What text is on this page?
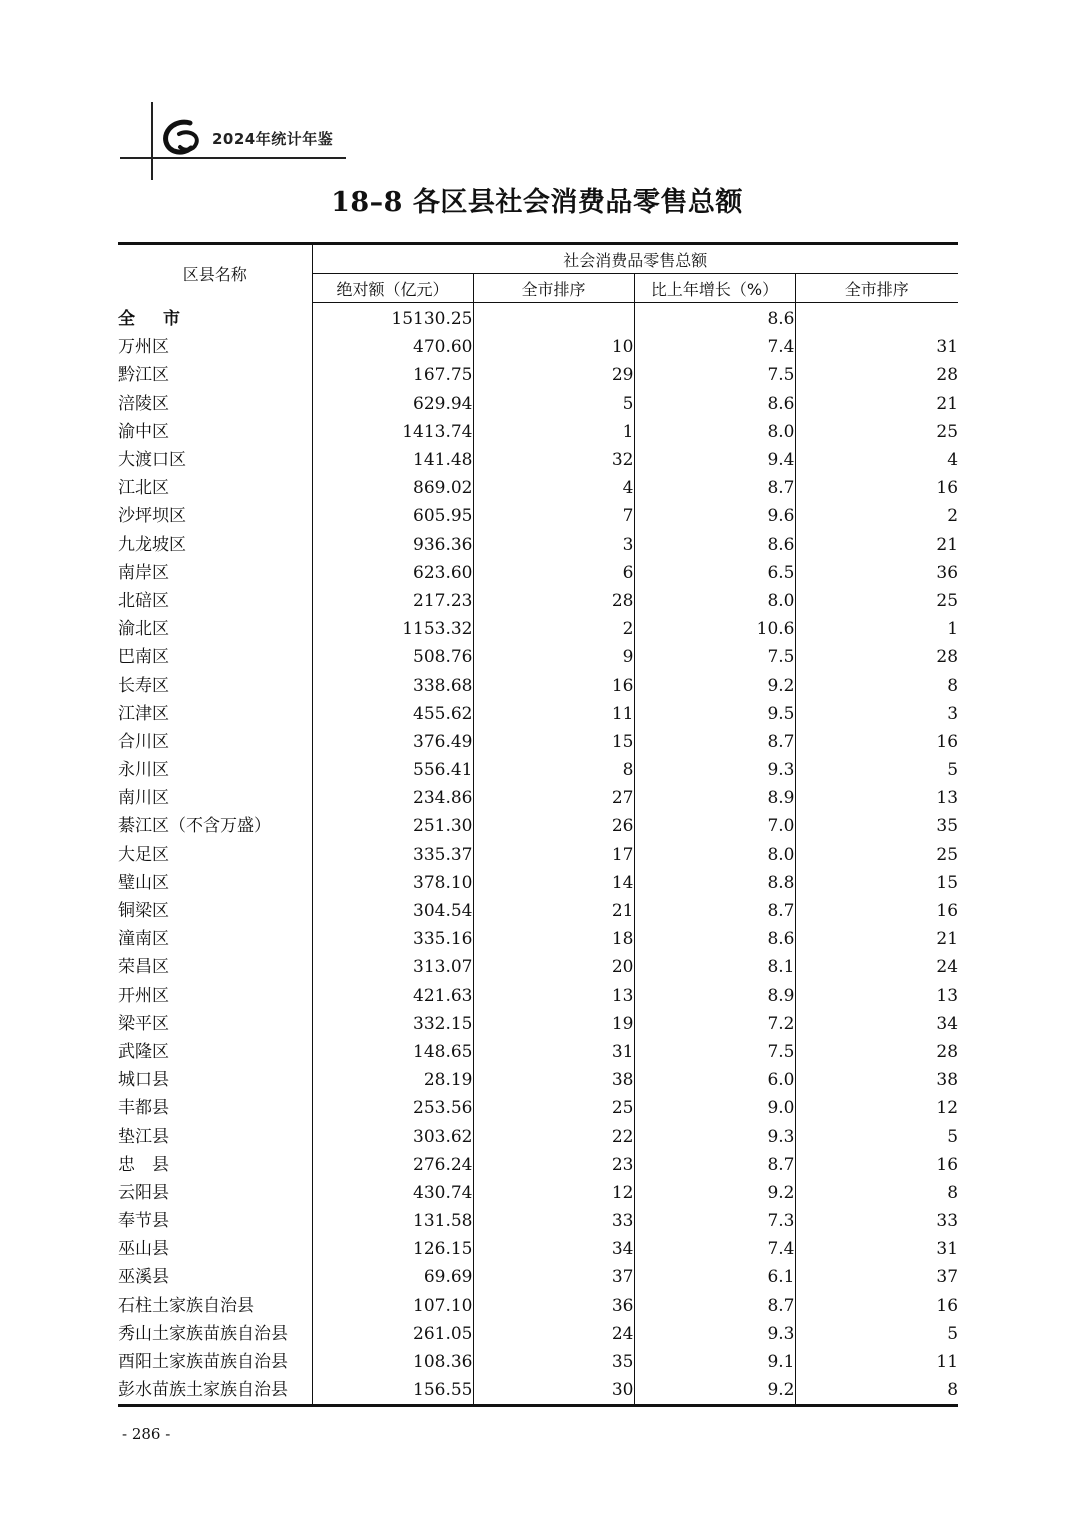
2024年统计年鉴
18–8 各区县社会消费品零售总额
区县名称	社会消费品零售总额			
	绝对额（亿元）	全市排序	比上年增长（%）	全市排序
全市	15130.25		8.6	
万州区	470.60	10	7.4	31
黔江区	167.75	29	7.5	28
涪陵区	629.94	5	8.6	21
渝中区	1413.74	1	8.0	25
大渡口区	141.48	32	9.4	4
江北区	869.02	4	8.7	16
沙坪坝区	605.95	7	9.6	2
九龙坡区	936.36	3	8.6	21
南岸区	623.60	6	6.5	36
北碚区	217.23	28	8.0	25
渝北区	1153.32	2	10.6	1
巴南区	508.76	9	7.5	28
长寿区	338.68	16	9.2	8
江津区	455.62	11	9.5	3
合川区	376.49	15	8.7	16
永川区	556.41	8	9.3	5
南川区	234.86	27	8.9	13
綦江区（不含万盛）	251.30	26	7.0	35
大足区	335.37	17	8.0	25
璧山区	378.10	14	8.8	15
铜梁区	304.54	21	8.7	16
潼南区	335.16	18	8.6	21
荣昌区	313.07	20	8.1	24
开州区	421.63	13	8.9	13
梁平区	332.15	19	7.2	34
武隆区	148.65	31	7.5	28
城口县	28.19	38	6.0	38
丰都县	253.56	25	9.0	12
垫江县	303.62	22	9.3	5
忠　县	276.24	23	8.7	16
云阳县	430.74	12	9.2	8
奉节县	131.58	33	7.3	33
巫山县	126.15	34	7.4	31
巫溪县	69.69	37	6.1	37
石柱土家族自治县	107.10	36	8.7	16
秀山土家族苗族自治县	261.05	24	9.3	5
酉阳土家族苗族自治县	108.36	35	9.1	11
彭水苗族土家族自治县	156.55	30	9.2	8
- 286 -
